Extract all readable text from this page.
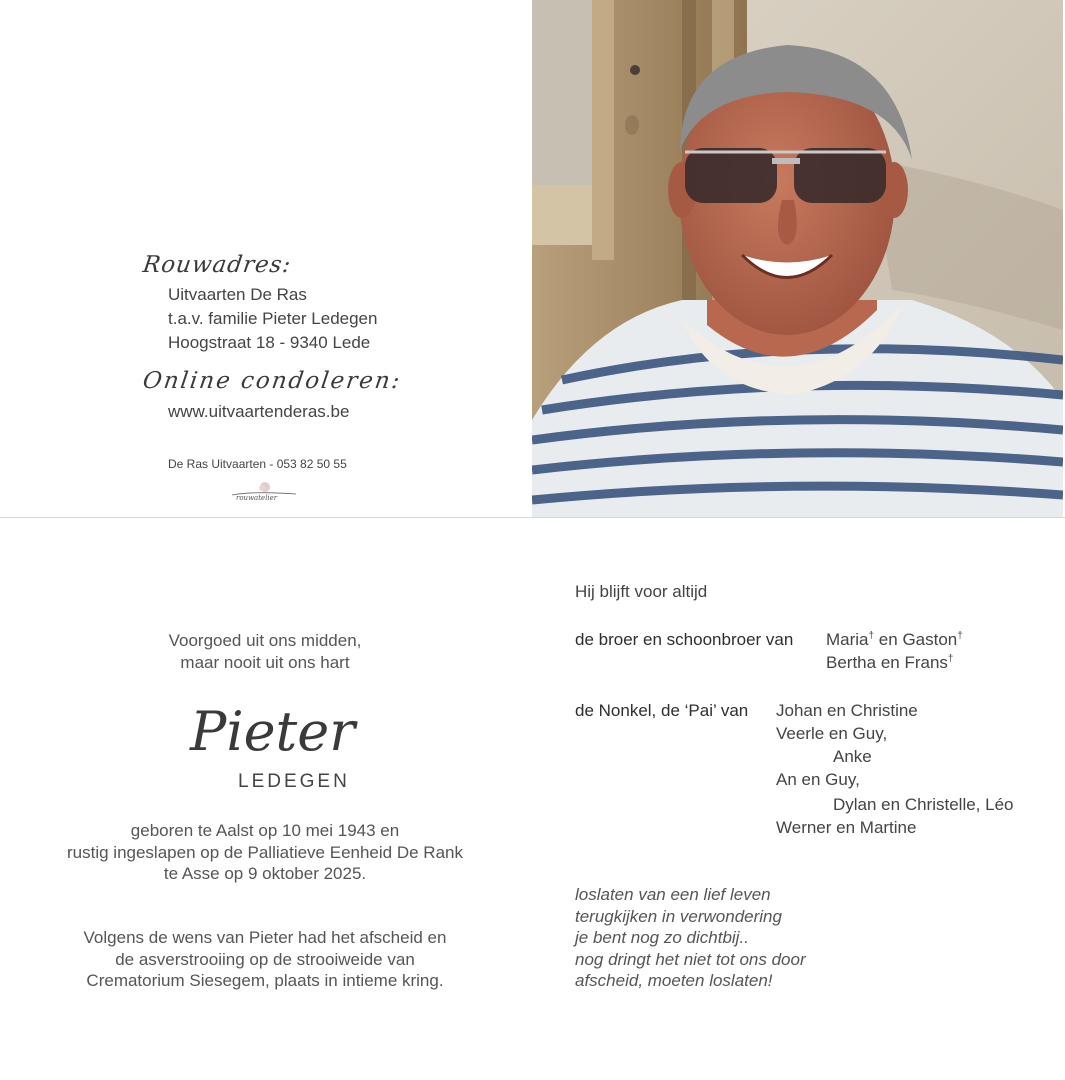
Rouwadres:
Uitvaarten De Ras
t.a.v. familie Pieter Ledegen
Hoogstraat 18 - 9340 Lede
Online condoleren:
www.uitvaartenderas.be
De Ras Uitvaarten - 053 82 50 55
rouwatelier
Voorgoed uit ons midden,
maar nooit uit ons hart
Pieter
LEDEGEN
geboren te Aalst op 10 mei 1943 en
rustig ingeslapen op de Palliatieve Eenheid De Rank
te Asse op 9 oktober 2025.
Volgens de wens van Pieter had het afscheid en
de asverstrooiing op de strooiweide van
Crematorium Siesegem, plaats in intieme kring.
Hij blijft voor altijd
de broer en schoonbroer van Maria† en Gaston†
Bertha en Frans†
de Nonkel, de ‘Pai’ van Johan en Christine
Veerle en Guy,
Anke
An en Guy,
Dylan en Christelle, Léo
Werner en Martine
loslaten van een lief leven
terugkijken in verwondering
je bent nog zo dichtbij..
nog dringt het niet tot ons door
afscheid, moeten loslaten!
